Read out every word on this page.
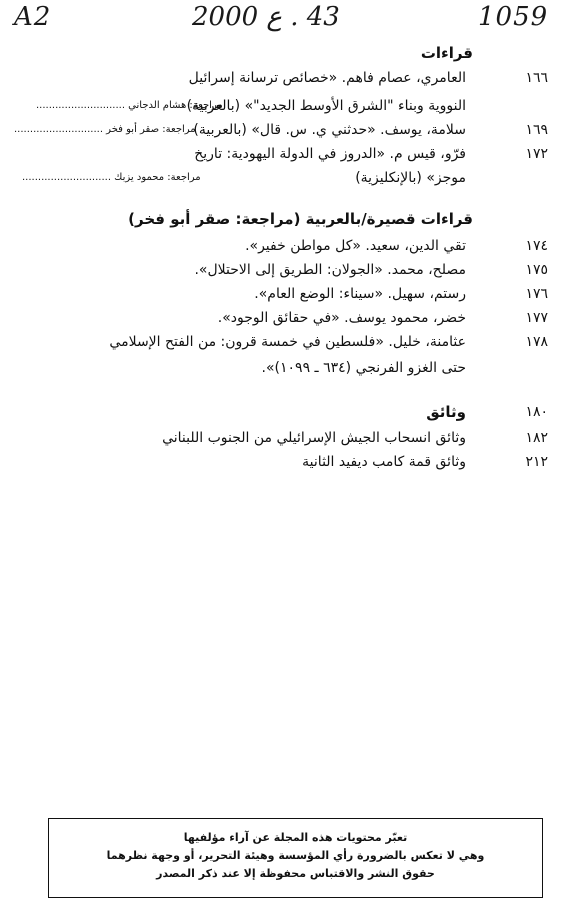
A2	43 . ع 2000	1059
قراءات
١٦٦
العامري، عصام فاهم. «خصائص ترسانة إسرائيل
النووية وبناء "الشرق الأوسط الجديد"» (بالعربية)
مراجعة: هشام الدجاني ............................
١٦٩
سلامة، يوسف. «حدثني ي. س. قال» (بالعربية)
مراجعة: صقر أبو فخر ............................
١٧٢
فرّو، قيس م. «الدروز في الدولة اليهودية: تاريخ
موجز» (بالإنكليزية)
مراجعة: محمود يزبك ............................
قراءات قصيرة/بالعربية (مراجعة: صقر أبو فخر)
١٧٤
تقي الدين، سعيد. «كل مواطن خفير».
١٧٥
مصلح، محمد. «الجولان: الطريق إلى الاحتلال».
١٧٦
رستم، سهيل. «سيناء: الوضع العام».
١٧٧
خضر، محمود يوسف. «في حقائق الوجود».
١٧٨
عثامنة، خليل. «فلسطين في خمسة قرون: من الفتح الإسلامي
حتى الغزو الفرنجي (٦٣٤ ـ ١٠٩٩)».
١٨٠
وثائق
١٨٢
وثائق انسحاب الجيش الإسرائيلي من الجنوب اللبناني
٢١٢
وثائق قمة كامب ديفيد الثانية
تعبّر محتويات هذه المجلة عن آراء مؤلفيها
وهي لا تعكس بالضرورة رأي المؤسسة وهيئة التحرير، أو وجهة نظرهما
حقوق النشر والاقتباس محفوظة إلا عند ذكر المصدر
